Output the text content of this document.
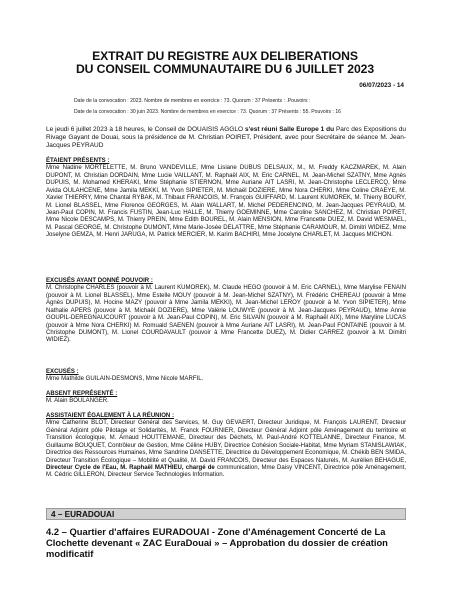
EXTRAIT DU REGISTRE AUX DELIBERATIONS
DU CONSEIL COMMUNAUTAIRE DU 6 JUILLET 2023
06/07/2023 - 14
Date de la convocation : 2023. Nombre de membres en exercice : 73. Quorum : 37 Présents : .Pouvoirs :
Date de la convocation : 30 juin 2023. Nombre de membres en exercice : 73. Quorum : 37 Présents : 55. Pouvoirs : 16
Le jeudi 6 juillet 2023 à 18 heures, le Conseil de DOUAISIS AGGLO s'est réuni Salle Europe 1 du Parc des Expositions du Rivage Gayant de Douai, sous la présidence de M. Christian POIRET, Président, avec pour Secrétaire de séance M. Jean-Jacques PEYRAUD
ÉTAIENT PRÉSENTS :
Mme Nadine MORTELETTE, M. Bruno VANDEVILLE, Mme Lisiane DUBUS DELSAUX, M., M. Freddy KACZMAREK, M. Alain DUPONT, M. Christian DORDAIN, Mme Lucie VAILLANT, M. Raphaël AIX, M. Eric CARNEL, M. Jean-Michel SZATNY, Mme Agnès DUPUIS, M. Mohamed KHERAKI, Mme Stéphanie STIERNON, Mme Auriane AIT LASRI, M. Jean-Christophe LECLERCQ, Mme Avida OULAHCENE, Mme Jamila MEKKI, M. Yvon SIPIETER, M. Michaël DOZIERE, Mme Nora CHERKI, Mme Coline CRAEYE, M. Xavier THIERRY, Mme Chantal RYBAK, M. Thibaut FRANCOIS, M. François GUIFFARD, M. Laurent KUMOREK, M. Thierry BOURY, M. Lionel BLASSEL, Mme Florence GEORGES, M. Alain WALLART, M. Michel PEDERENCINO, M. Jean-Jacques PEYRAUD, M. Jean-Paul COPIN, M. Francis FUSTIN, Jean-Luc HALLE, M. Thierry GOEMINNE, Mme Caroline SANCHEZ, M. Christian POIRET, Mme Nicole DESCAMPS, M. Thierry PREIN, Mme Edith BOUREL, M. Alain MENSION, Mme Francette DUEZ, M. David WESMAEL, M. Pascal GEORGE, M. Christophe DUMONT, Mme Marie-Josée DELATTRE, Mme Stéphanie CARAMOUR, M. Dimitri WIDIEZ, Mme Joselyne GEMZA, M. Henri JARUGA, M. Patrick MERCIER, M. Karim BACHIRI, Mme Jocelyne CHARLET, M. Jacques MICHON.
EXCUSÉS AYANT DONNÉ POUVOIR :
M. Christophe CHARLES (pouvoir à M. Laurent KUMOREK), M. Claude HEGO (pouvoir à M. Eric CARNEL), Mme Marylise FENAIN (pouvoir à M. Lionel BLASSEL), Mme Estelle MOUY (pouvoir à M. Jean-Michel SZATNY), M. Frédéric CHEREAU (pouvoir à Mme Agnès DUPUIS), M. Hocine MAZY (pouvoir à Mme Jamila MEKKI), M. Jean-Michel LEROY (pouvoir à M. Yvon SIPIETER), Mme Nathalie APERS (pouvoir à M. Michaël DOZIERE), Mme Valérie LOUWYE (pouvoir à M. Jean-Jacques PEYRAUD), Mme Annie GOUPIL-DEREGNAUCOURT (pouvoir à M. Jean-Paul COPIN), M. Eric SILVAIN (pouvoir à M. Raphaël AIX), Mme Maryline LUCAS (pouvoir à Mme Nora CHERKI) M. Romuald SAENEN (pouvoir à Mme Auriane AIT LASRI), M. Jean-Paul FONTAINE (pouvoir à M. Christophe DUMONT), M. Lionel COURDAVAULT (pouvoir à Mme Francette DUEZ), M. Didier CARREZ (pouvoir à M. Dimitri WIDIEZ).
EXCUSÉS :
Mme Mathilde GUILAIN-DESMONS, Mme Nicole MARFIL.
ABSENT REPRÉSENTÉ :
M. Alain BOULANGER.
ASSISTAIENT ÉGALEMENT À LA RÉUNION :
Mme Catherine BLOT, Directeur Général des Services, M. Guy GEVAERT, Directeur Juridique, M. François LAURENT, Directeur Général Adjoint pôle Pilotage et Solidarités, M. Franck FOURNIER, Directeur Général Adjoint pôle Aménagement du territoire et Transition écologique, M. Arnaud HOUTTEMANE, Directeur des Déchets, M. Paul-André KOTTELANNE, Directeur Finance, M. Guillaume BOUQUET, Contrôleur de Gestion, Mme Céline HUBY, Directrice Cohésion Sociale-Habitat, Mme Myriam STANISLAWIAK, Directrice des Ressources Humaines, Mme Sandrine DANSETTE, Directrice du Développement Economique, M. Chékib BEN SMIDA, Directeur Transition Écologique – Mobilité et Qualité, M. David FRANCOIS, Directeur des Espaces Naturels, M. Aurélien BEHAGUE, Directeur Cycle de l'Eau, M. Raphaël MATHIEU, chargé de communication, Mme Daisy VINCENT, Directrice pôle Aménagement, M. Cédric GILLERON, Directeur Service Technologies Information.
4 – EURADOUAI
4.2 – Quartier d'affaires EURADOUAI - Zone d'Aménagement Concerté de La Clochette devenant « ZAC EuraDouai » – Approbation du dossier de création modificatif
